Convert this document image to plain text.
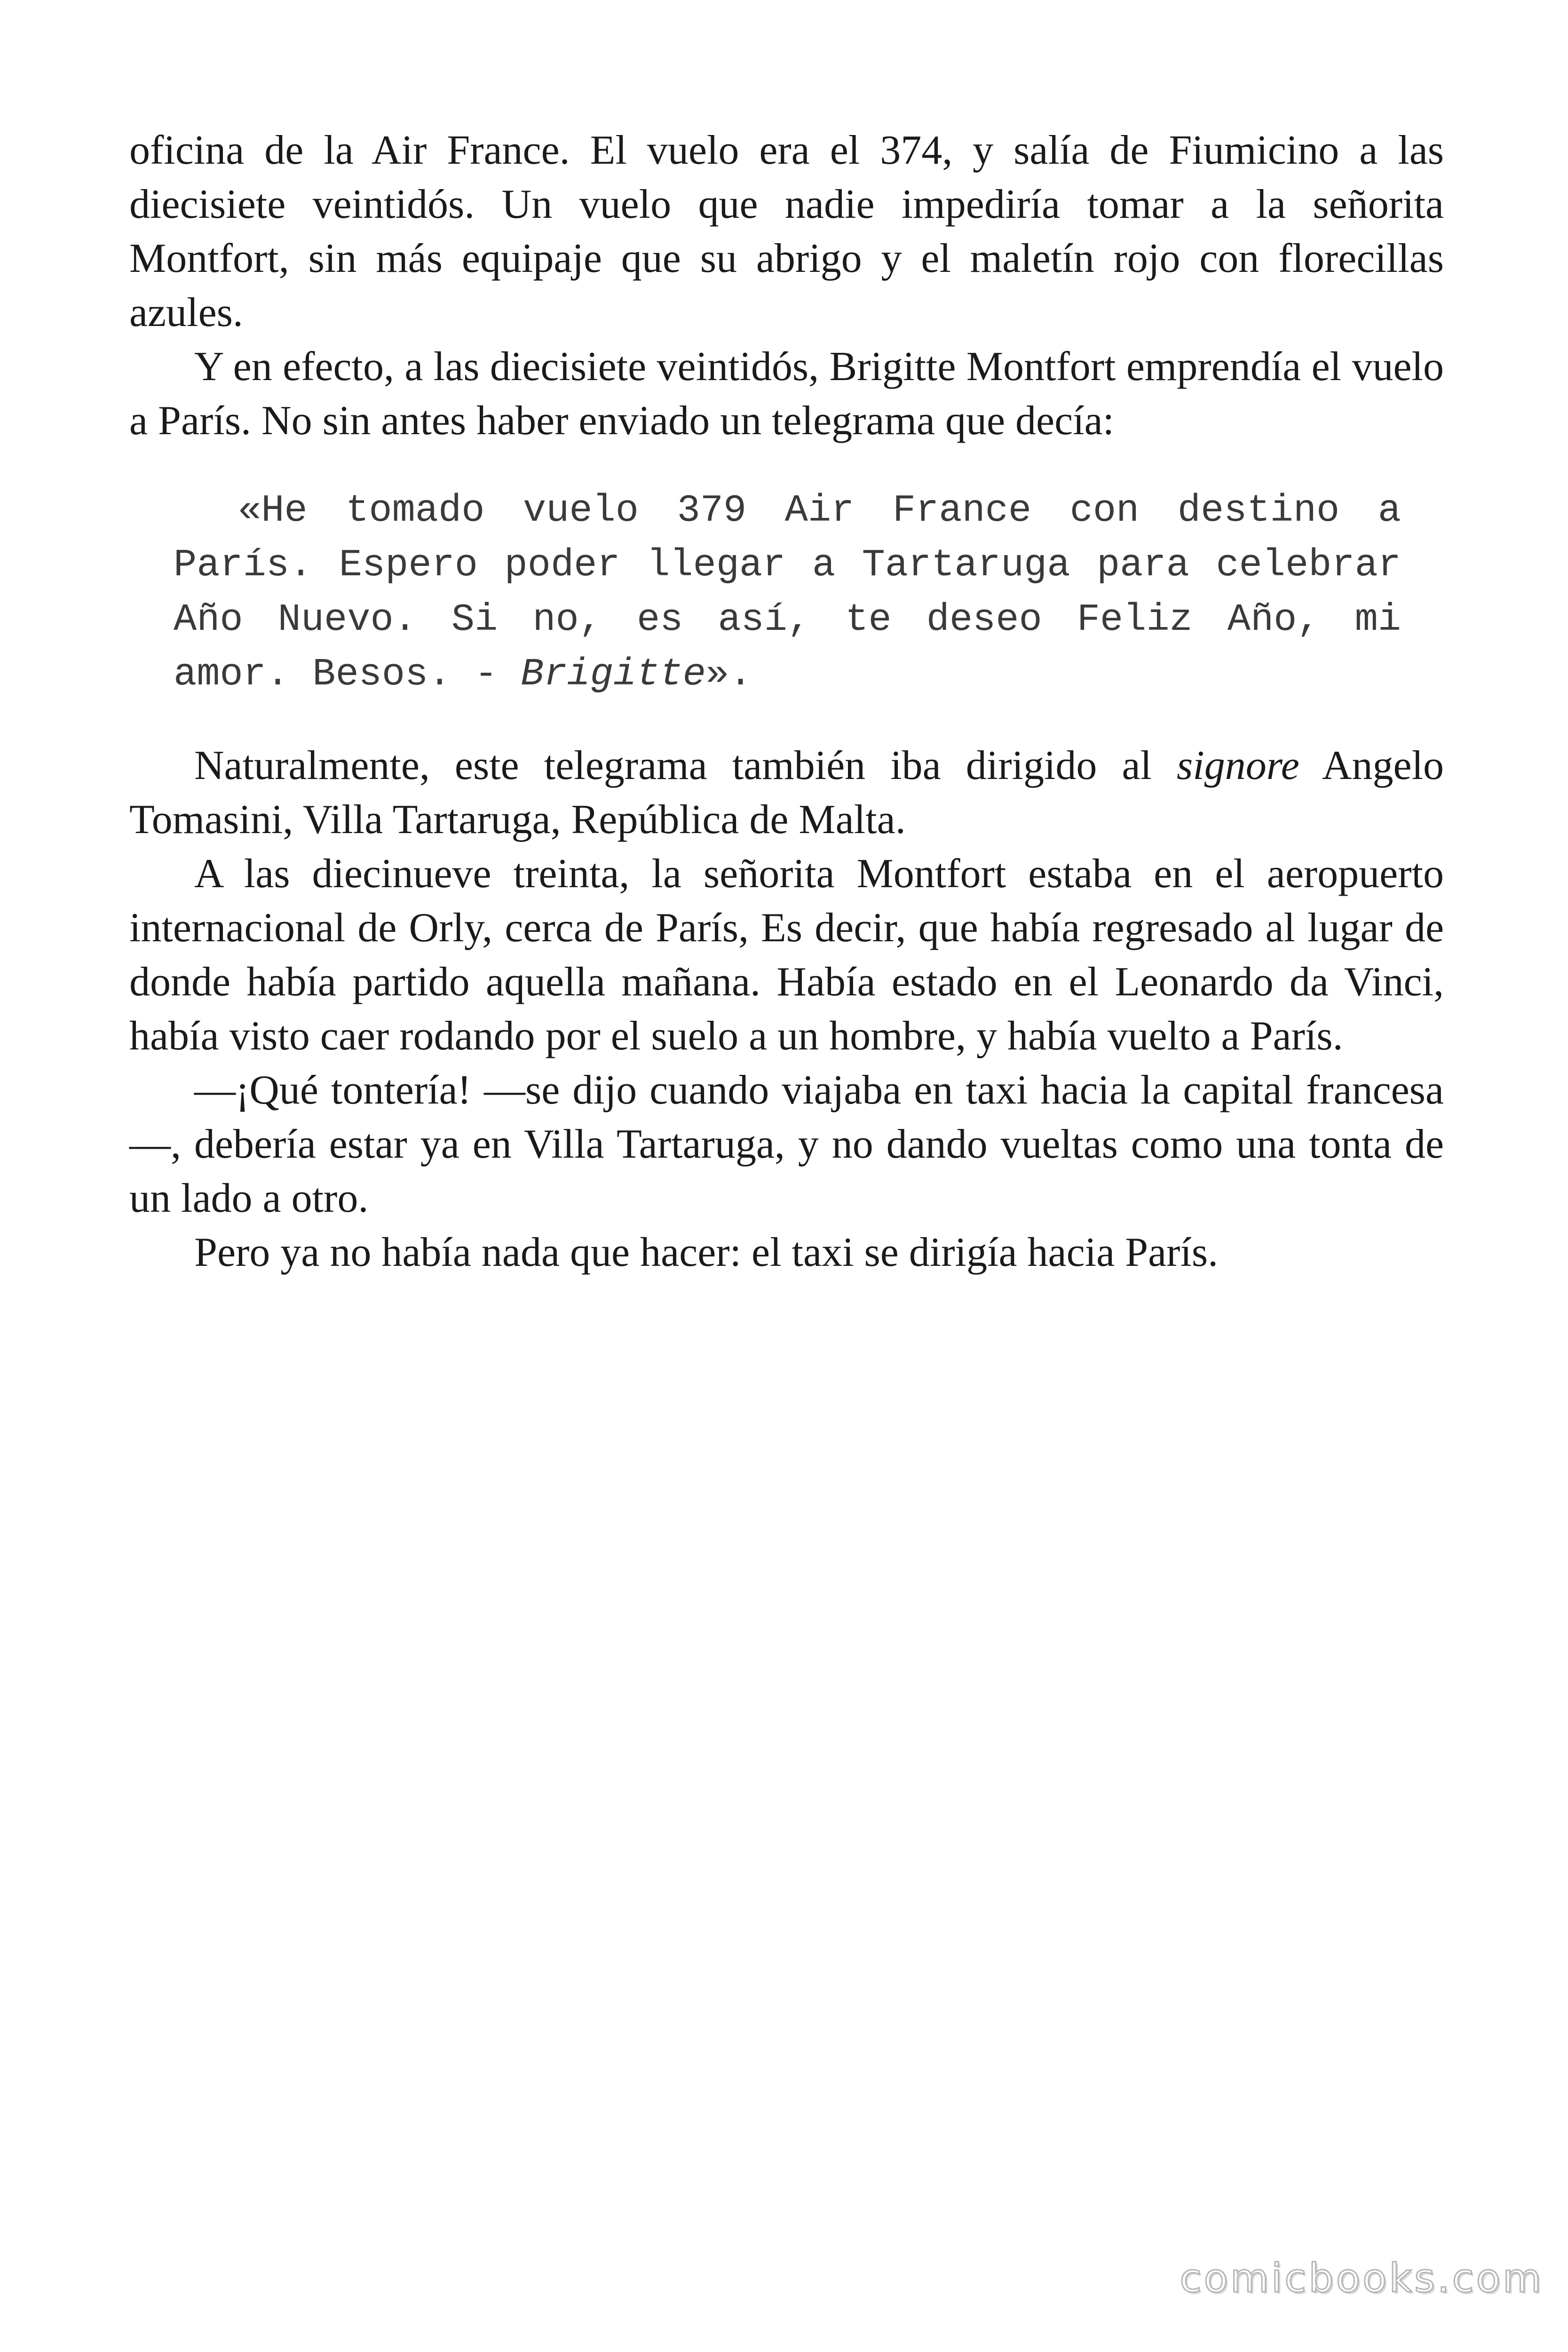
oficina de la Air France. El vuelo era el 374, y salía de Fiumicino a las diecisiete veintidós. Un vuelo que nadie impediría tomar a la señorita Montfort, sin más equipaje que su abrigo y el maletín rojo con florecillas azules.

Y en efecto, a las diecisiete veintidós, Brigitte Montfort emprendía el vuelo a París. No sin antes haber enviado un telegrama que decía:

«He tomado vuelo 379 Air France con destino a París. Espero poder llegar a Tartaruga para celebrar Año Nuevo. Si no, es así, te deseo Feliz Año, mi amor. Besos. - Brigitte».

Naturalmente, este telegrama también iba dirigido al signore Angelo Tomasini, Villa Tartaruga, República de Malta.

A las diecinueve treinta, la señorita Montfort estaba en el aeropuerto internacional de Orly, cerca de París, Es decir, que había regresado al lugar de donde había partido aquella mañana. Había estado en el Leonardo da Vinci, había visto caer rodando por el suelo a un hombre, y había vuelto a París.

—¡Qué tontería! —se dijo cuando viajaba en taxi hacia la capital francesa—, debería estar ya en Villa Tartaruga, y no dando vueltas como una tonta de un lado a otro.

Pero ya no había nada que hacer: el taxi se dirigía hacia París.

comicbooks.com
